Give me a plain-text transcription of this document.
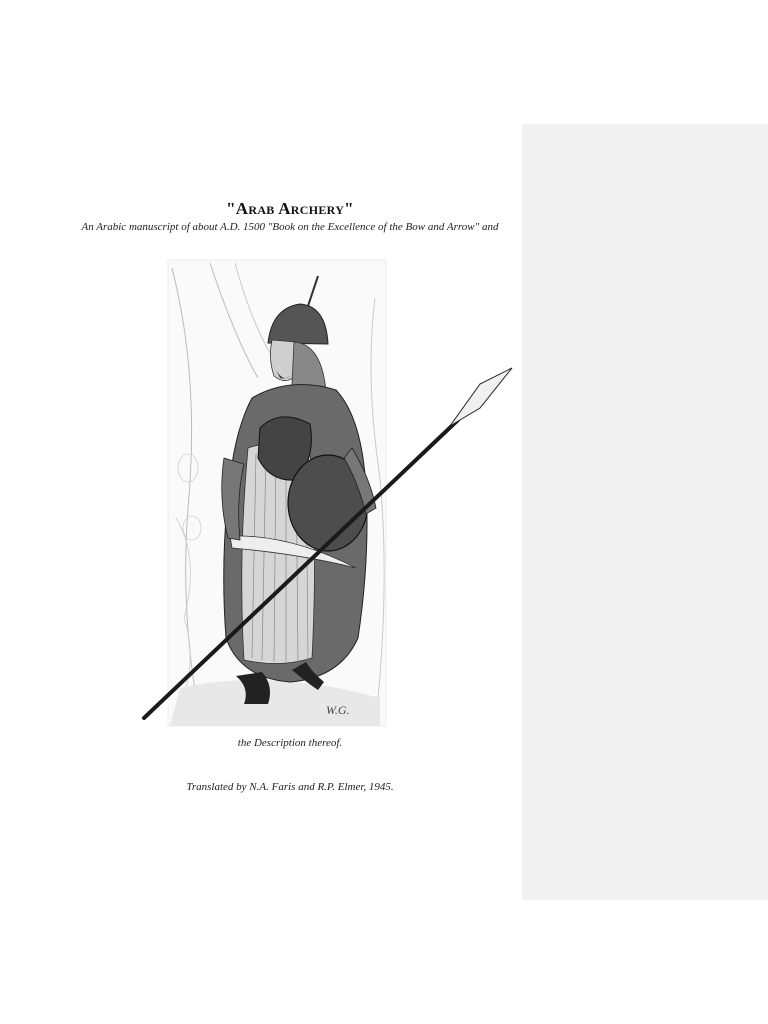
"Arab Archery"
An Arabic manuscript of about A.D. 1500 "Book on the Excellence of the Bow and Arrow" and
W.G.
the Description thereof.
Translated by N.A. Faris and R.P. Elmer, 1945.
